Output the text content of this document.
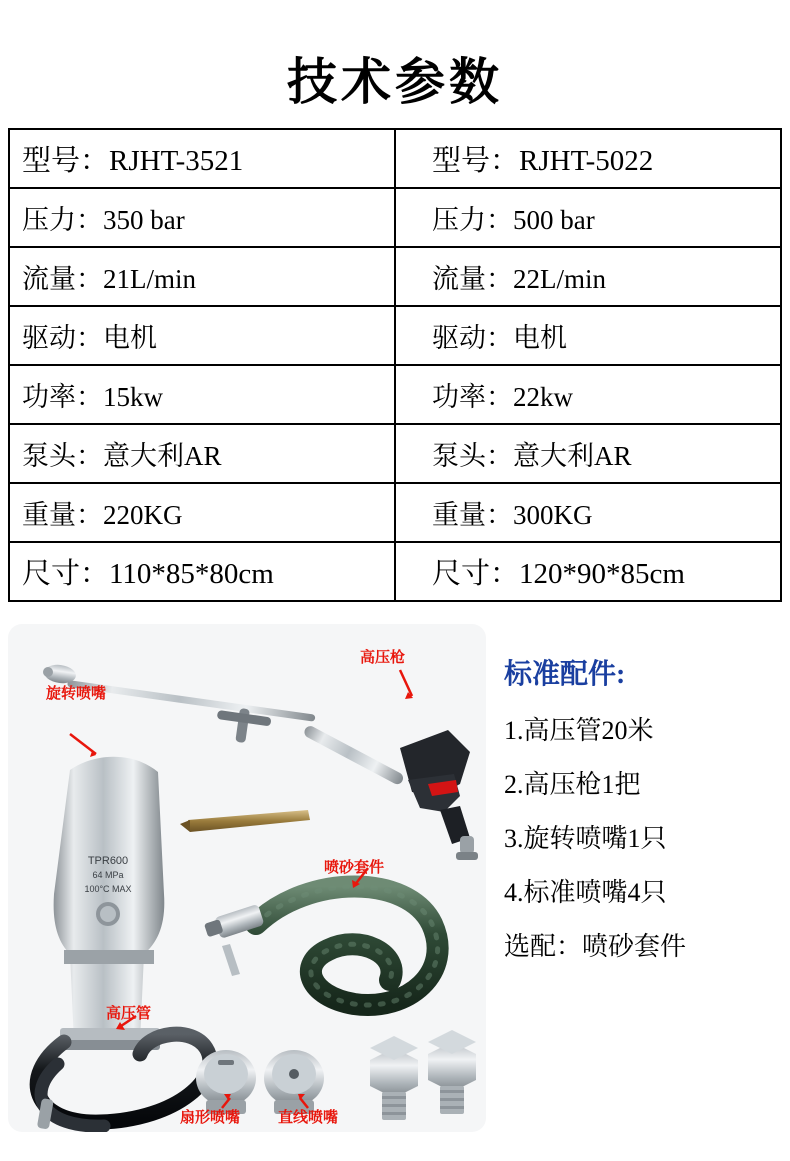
技术参数
型号：RJHT-3521	型号：RJHT-5022
压力：350 bar	压力：500 bar
流量：21L/min	流量：22L/min
驱动：电机	驱动：电机
功率：15kw	功率：22kw
泵头：意大利AR	泵头：意大利AR
重量：220KG	重量：300KG
尺寸：110*85*80cm	尺寸：120*90*85cm
TPR600
64 MPa
100°C MAX
旋转喷嘴
高压枪
喷砂套件
高压管
扇形喷嘴	直线喷嘴
标准配件:
1.高压管20米
2.高压枪1把
3.旋转喷嘴1只
4.标准喷嘴4只
选配：喷砂套件
